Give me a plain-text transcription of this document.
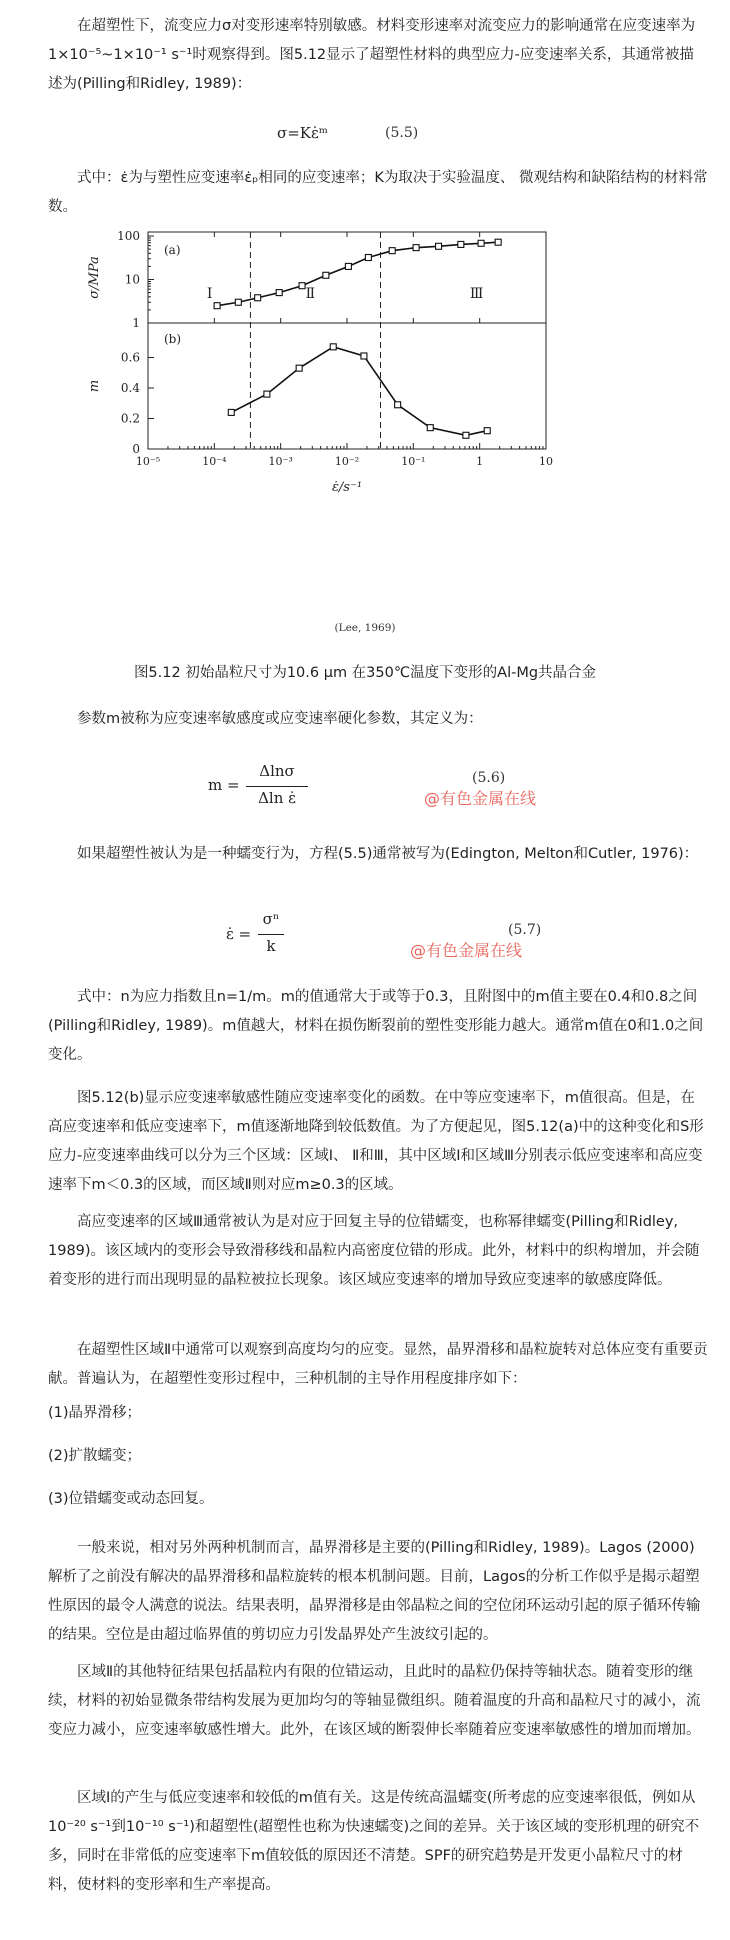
在超塑性下，流变应力σ对变形速率特别敏感。材料变形速率对流变应力的影响通常在应变速率为1×10⁻⁵~1×10⁻¹ s⁻¹时观察得到。图5.12显示了超塑性材料的典型应力-应变速率关系，其通常被描述为(Pilling和Ridley, 1989)：

σ=Kε̇ᵐ	(5.5)

式中：ε̇为与塑性应变速率ε̇ₚ相同的应变速率；K为取决于实验温度、 微观结构和缺陷结构的材料常数。

10⁻⁵	10⁻⁴	10⁻³	10⁻²	10⁻¹	1	10
ε̇/s⁻¹
1
10
100
σ/MPa
(a)
0
0.2
0.4
0.6
m
(b)
Ⅰ	Ⅱ	Ⅲ
(Lee, 1969)
图5.12 初始晶粒尺寸为10.6 μm 在350℃温度下变形的Al-Mg共晶合金

参数m被称为应变速率敏感度或应变速率硬化参数，其定义为：

m =
Δlnσ
Δln ε̇
(5.6)
@有色金属在线

如果超塑性被认为是一种蠕变行为，方程(5.5)通常被写为(Edington, Melton和Cutler, 1976)：

ε̇ =
σⁿ
k
(5.7)
@有色金属在线

式中：n为应力指数且n=1/m。m的值通常大于或等于0.3，且附图中的m值主要在0.4和0.8之间(Pilling和Ridley, 1989)。m值越大，材料在损伤断裂前的塑性变形能力越大。通常m值在0和1.0之间变化。

图5.12(b)显示应变速率敏感性随应变速率变化的函数。在中等应变速率下，m值很高。但是，在高应变速率和低应变速率下，m值逐渐地降到较低数值。为了方便起见，图5.12(a)中的这种变化和S形应力-应变速率曲线可以分为三个区域：区域Ⅰ、 Ⅱ和Ⅲ，其中区域Ⅰ和区域Ⅲ分别表示低应变速率和高应变速率下m＜0.3的区域，而区域Ⅱ则对应m≥0.3的区域。

高应变速率的区域Ⅲ通常被认为是对应于回复主导的位错蠕变，也称幂律蠕变(Pilling和Ridley, 1989)。该区域内的变形会导致滑移线和晶粒内高密度位错的形成。此外，材料中的织构增加，并会随着变形的进行而出现明显的晶粒被拉长现象。该区域应变速率的增加导致应变速率的敏感度降低。

在超塑性区域Ⅱ中通常可以观察到高度均匀的应变。显然，晶界滑移和晶粒旋转对总体应变有重要贡献。普遍认为，在超塑性变形过程中，三种机制的主导作用程度排序如下：

(1)晶界滑移；
(2)扩散蠕变；
(3)位错蠕变或动态回复。

一般来说，相对另外两种机制而言，晶界滑移是主要的(Pilling和Ridley, 1989)。Lagos (2000)解析了之前没有解决的晶界滑移和晶粒旋转的根本机制问题。目前，Lagos的分析工作似乎是揭示超塑性原因的最令人满意的说法。结果表明，晶界滑移是由邻晶粒之间的空位闭环运动引起的原子循环传输的结果。空位是由超过临界值的剪切应力引发晶界处产生波纹引起的。

区域Ⅱ的其他特征结果包括晶粒内有限的位错运动，且此时的晶粒仍保持等轴状态。随着变形的继续，材料的初始显微条带结构发展为更加均匀的等轴显微组织。随着温度的升高和晶粒尺寸的减小，流变应力减小，应变速率敏感性增大。此外，在该区域的断裂伸长率随着应变速率敏感性的增加而增加。

区域Ⅰ的产生与低应变速率和较低的m值有关。这是传统高温蠕变(所考虑的应变速率很低，例如从10⁻²⁰ s⁻¹到10⁻¹⁰ s⁻¹)和超塑性(超塑性也称为快速蠕变)之间的差异。关于该区域的变形机理的研究不多，同时在非常低的应变速率下m值较低的原因还不清楚。SPF的研究趋势是开发更小晶粒尺寸的材料，使材料的变形率和生产率提高。
